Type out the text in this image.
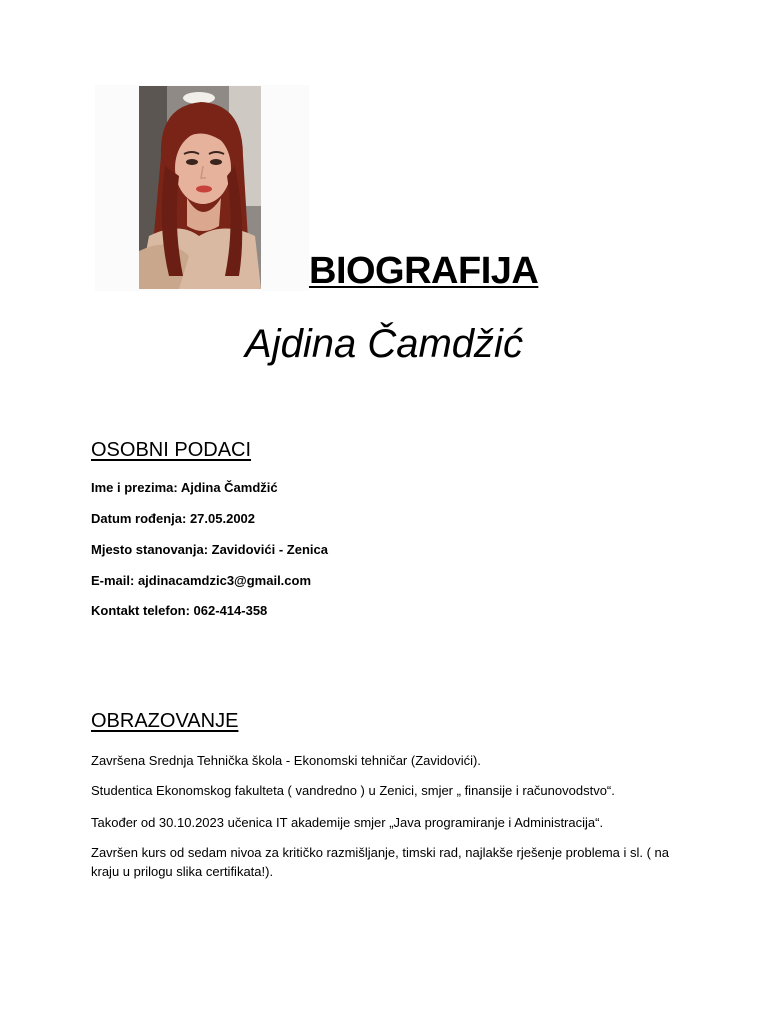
BIOGRAFIJA
Ajdina Čamdžić
OSOBNI PODACI
Ime i prezima: Ajdina Čamdžić
Datum rođenja: 27.05.2002
Mjesto stanovanja: Zavidovići - Zenica
E-mail: ajdinacamdzic3@gmail.com
Kontakt telefon: 062-414-358
OBRAZOVANJE
Završena Srednja Tehnička škola - Ekonomski tehničar (Zavidovići).
Studentica Ekonomskog fakulteta ( vandredno ) u Zenici, smjer „ finansije i računovodstvo“.
Također od 30.10.2023 učenica IT akademije smjer „Java programiranje i Administracija“.
Završen kurs od sedam nivoa za kritičko razmišljanje, timski rad, najlakše rješenje problema i sl. ( na kraju u prilogu slika certifikata!).
